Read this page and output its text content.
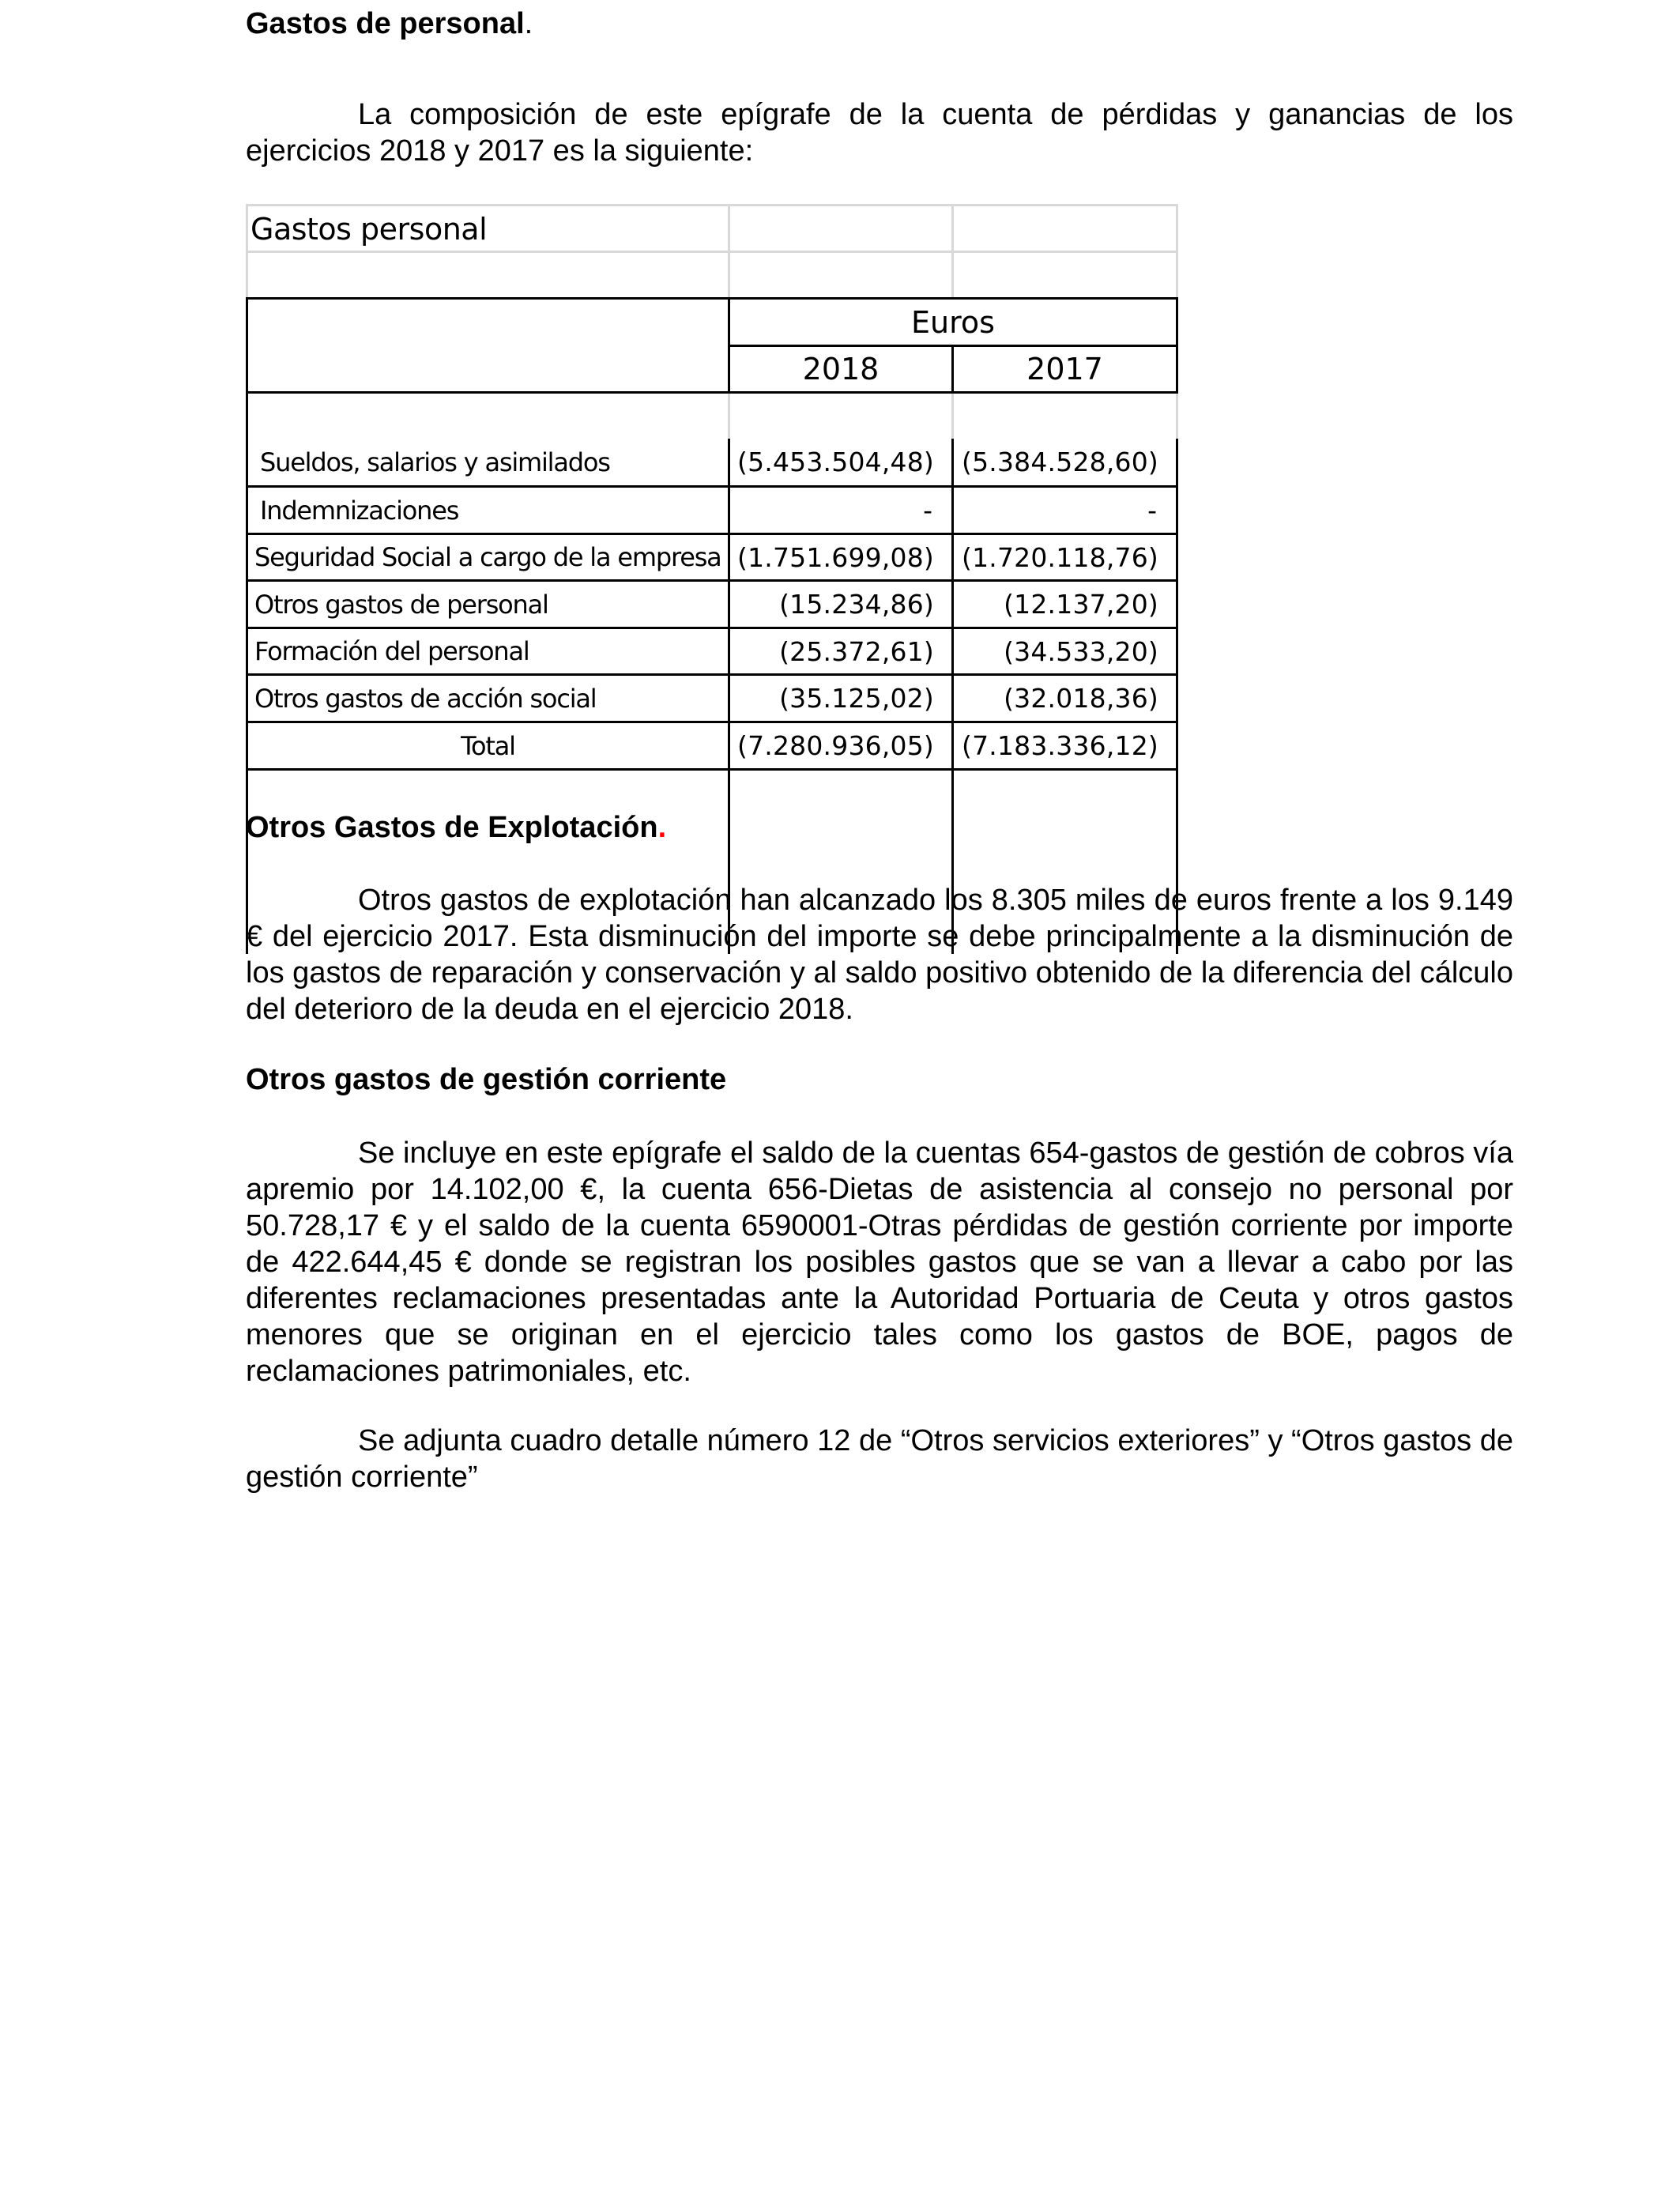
Gastos de personal.
La composición de este epígrafe de la cuenta de pérdidas y ganancias de los ejercicios 2018 y 2017 es la siguiente:
Gastos personal
Euros
2018	2017
Sueldos, salarios y asimilados	(5.453.504,48)	(5.384.528,60)
Indemnizaciones	-	-
Seguridad Social a cargo de la empresa (1.751.699,08)	(1.720.118,76)
Otros gastos de personal	(15.234,86)	(12.137,20)
Formación del personal	(25.372,61)	(34.533,20)
Otros gastos de acción social	(35.125,02)	(32.018,36)
Total	(7.280.936,05)	(7.183.336,12)
Otros Gastos de Explotación.
Otros gastos de explotación han alcanzado los 8.305 miles de euros frente a los 9.149 € del ejercicio 2017. Esta disminución del importe se debe principalmente a la disminución de los gastos de reparación y conservación y al saldo positivo obtenido de la diferencia del cálculo del deterioro de la deuda en el ejercicio 2018.
Otros gastos de gestión corriente
Se incluye en este epígrafe el saldo de la cuentas 654-gastos de gestión de cobros vía apremio por 14.102,00 €, la cuenta 656-Dietas de asistencia al consejo no personal por 50.728,17 € y el saldo de la cuenta 6590001-Otras pérdidas de gestión corriente por importe de 422.644,45 € donde se registran los posibles gastos que se van a llevar a cabo por las diferentes reclamaciones presentadas ante la Autoridad Portuaria de Ceuta y otros gastos menores que se originan en el ejercicio tales como los gastos de BOE, pagos de reclamaciones patrimoniales, etc.
Se adjunta cuadro detalle número 12 de “Otros servicios exteriores” y “Otros gastos de gestión corriente”
